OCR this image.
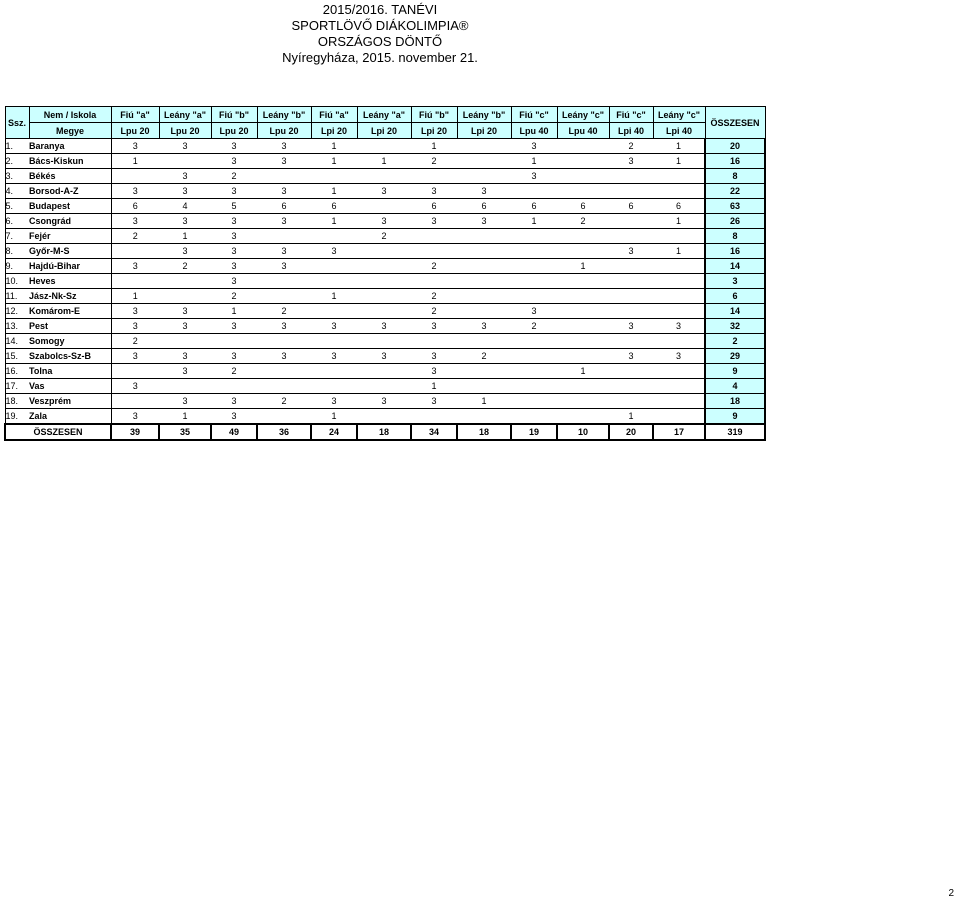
2015/2016. TANÉVI
SPORTLÖVŐ DIÁKOLIMPIA®
ORSZÁGOS DÖNTŐ
Nyíregyháza, 2015. november 21.
Ssz.	Nem / Iskola	Fiú "a"	Leány "a"	Fiú "b"	Leány "b"	Fiú "a"	Leány "a"	Fiú "b"	Leány "b"	Fiú "c"	Leány "c"	Fiú "c"	Leány "c"	ÖSSZESEN
	Megye	Lpu 20	Lpu 20	Lpu 20	Lpu 20	Lpi 20	Lpi 20	Lpi 20	Lpi 20	Lpu 40	Lpu 40	Lpi 40	Lpi 40	
1.	Baranya	3	3	3	3	1		1		3		2	1	20
2.	Bács-Kiskun	1		3	3	1	1	2		1		3	1	16
3.	Békés		3	2						3				8
4.	Borsod-A-Z	3	3	3	3	1	3	3	3					22
5.	Budapest	6	4	5	6	6		6	6	6	6	6	6	63
6.	Csongrád	3	3	3	3	1	3	3	3	1	2		1	26
7.	Fejér	2	1	3			2							8
8.	Győr-M-S		3	3	3	3						3	1	16
9.	Hajdú-Bihar	3	2	3	3			2			1			14
10.	Heves			3										3
11.	Jász-Nk-Sz	1		2		1		2						6
12.	Komárom-E	3	3	1	2			2		3				14
13.	Pest	3	3	3	3	3	3	3	3	2		3	3	32
14.	Somogy	2												2
15.	Szabolcs-Sz-B	3	3	3	3	3	3	3	2			3	3	29
16.	Tolna		3	2				3			1			9
17.	Vas	3						1						4
18.	Veszprém		3	3	2	3	3	3	1					18
19.	Zala	3	1	3		1						1		9
ÖSSZESEN		39	35	49	36	24	18	34	18	19	10	20	17	319
2
